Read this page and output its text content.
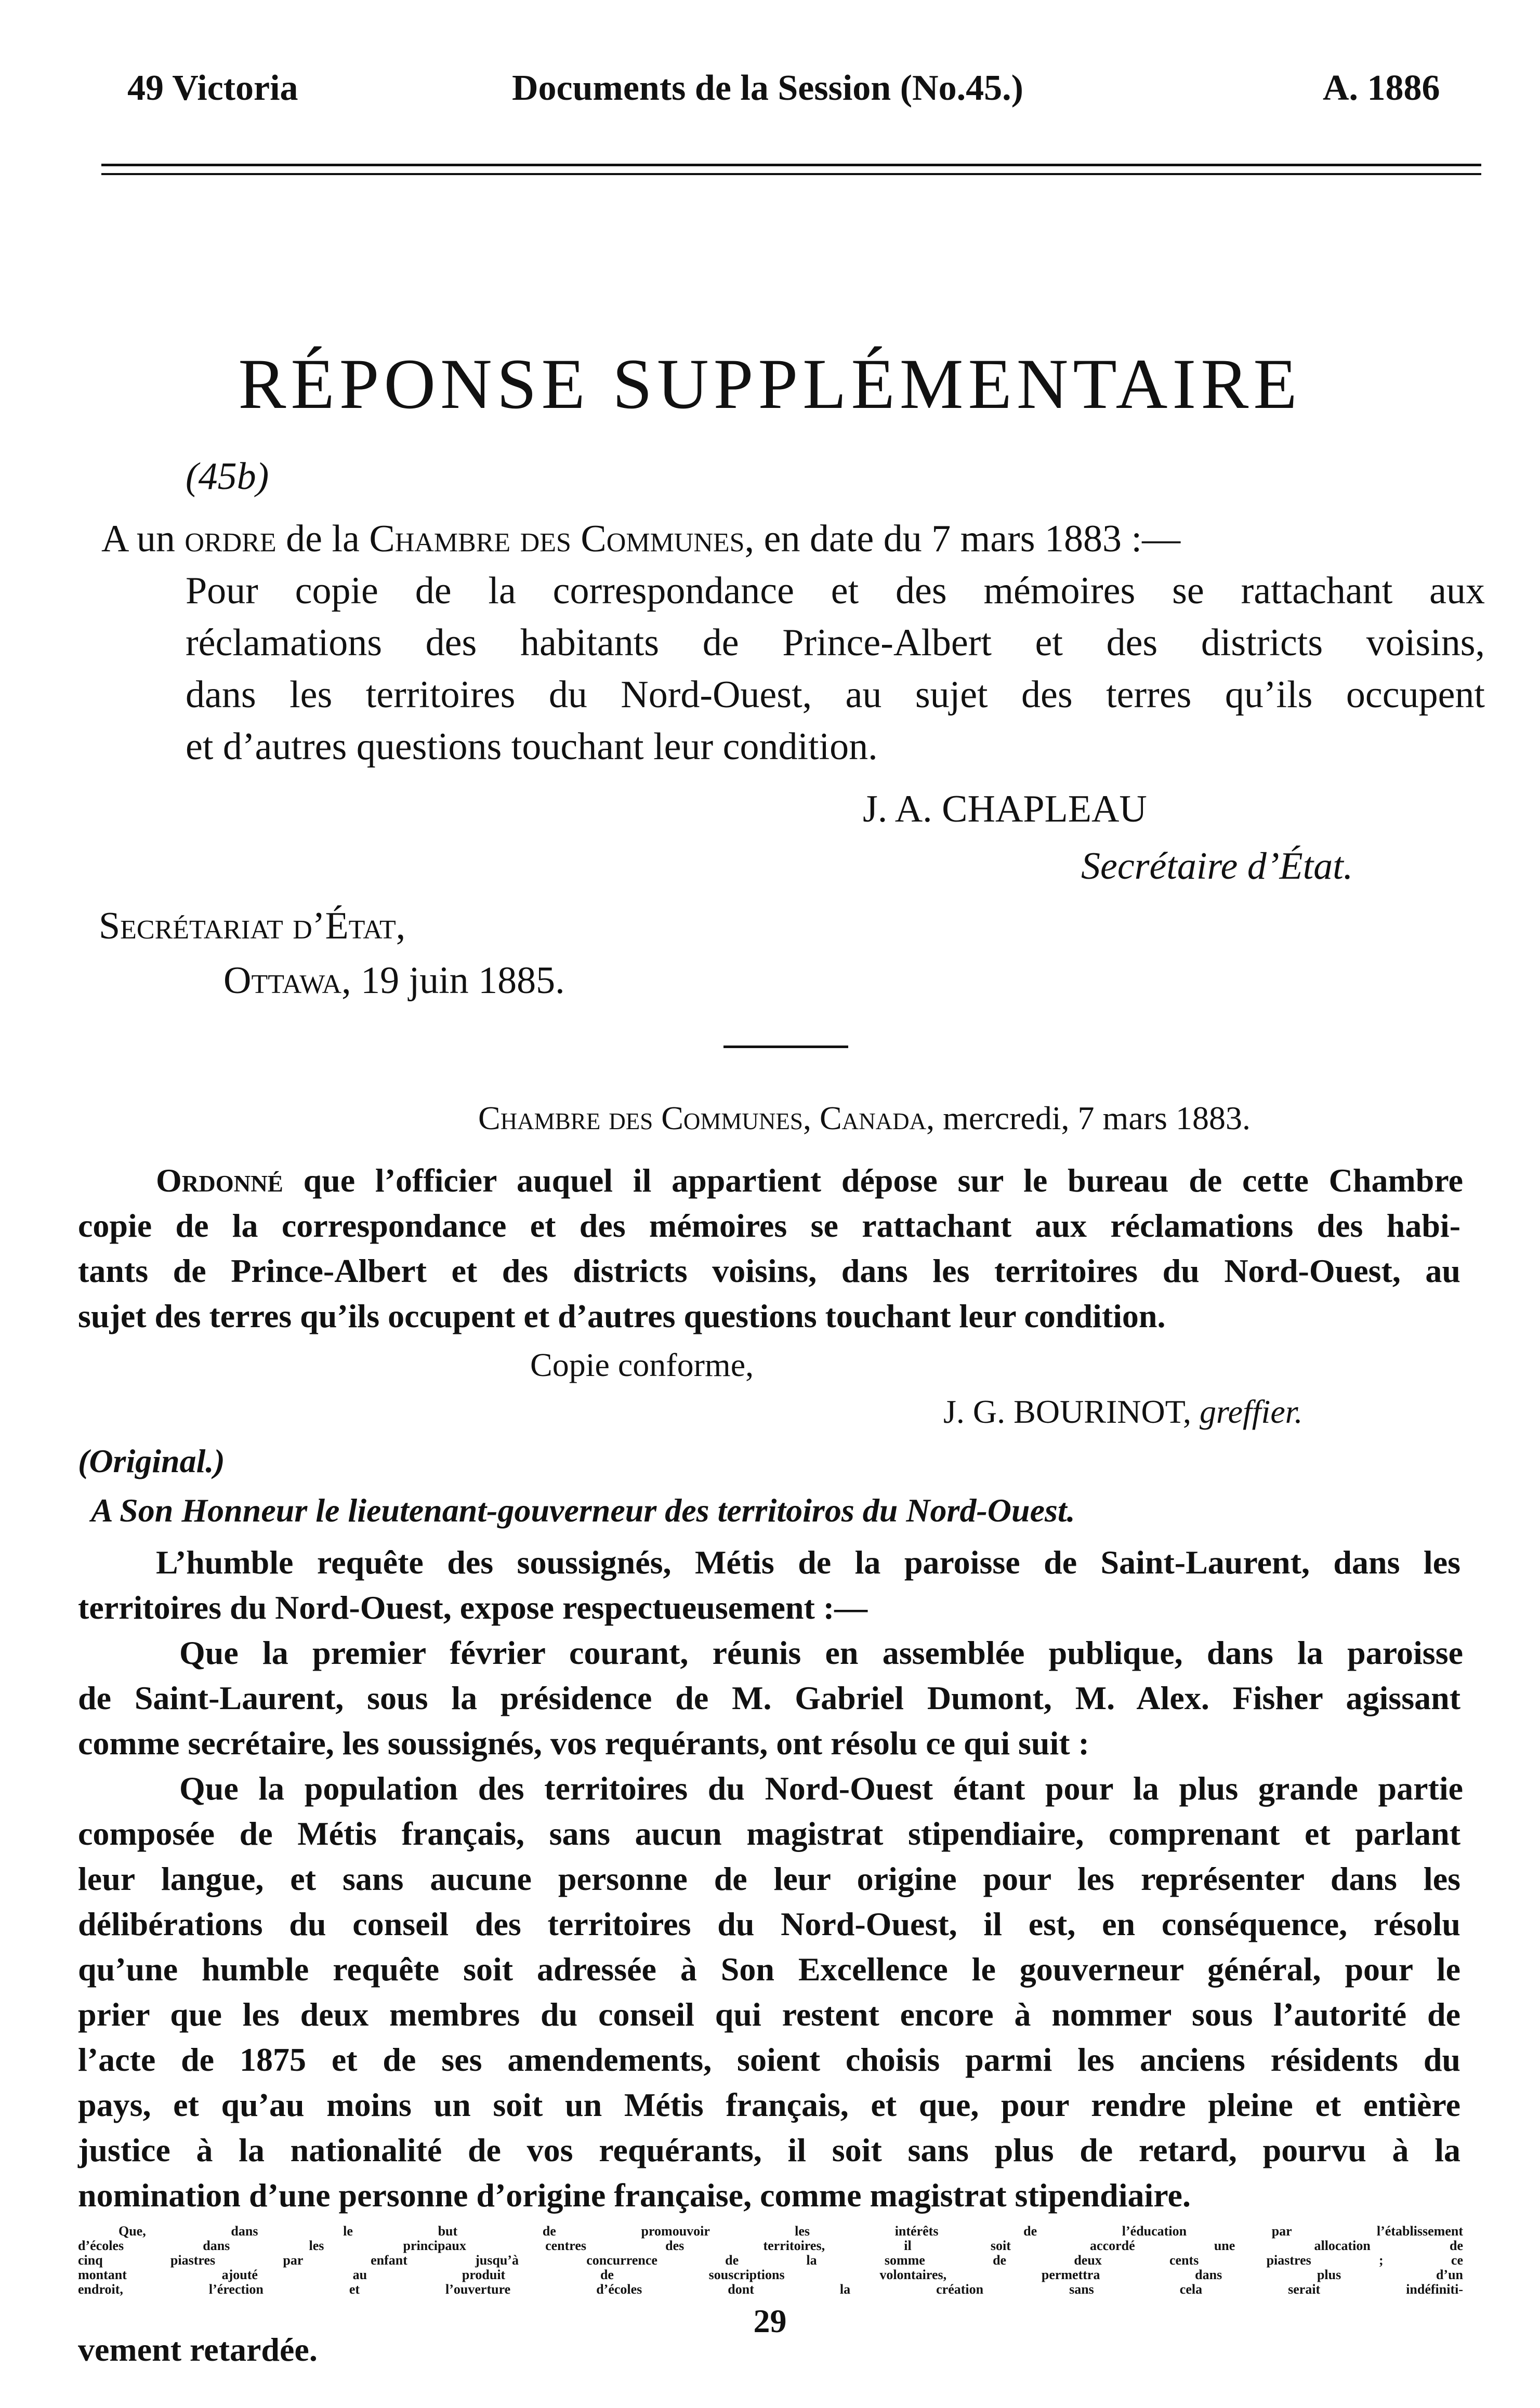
49 Victoria	Documents de la Session (No.45.)	A. 1886
RÉPONSE SUPPLÉMENTAIRE
(45b)
A un ordre de la Chambre des Communes, en date du 7 mars 1883 :—
Pour copie de la correspondance et des mémoires se rattachant aux
réclamations des habitants de Prince-Albert et des districts voisins,
dans les territoires du Nord-Ouest, au sujet des terres qu’ils occupent
et d’autres questions touchant leur condition.
J. A. CHAPLEAU
Secrétaire d’État.
Secrétariat d’État,
Ottawa, 19 juin 1885.
Chambre des Communes, Canada, mercredi, 7 mars 1883.
Ordonné que l’officier auquel il appartient dépose sur le bureau de cette Chambre
copie de la correspondance et des mémoires se rattachant aux réclamations des habi-
tants de Prince-Albert et des districts voisins, dans les territoires du Nord-Ouest, au
sujet des terres qu’ils occupent et d’autres questions touchant leur condition.
Copie conforme,
J. G. BOURINOT, greffier.
(Original.)
A Son Honneur le lieutenant-gouverneur des territoiros du Nord-Ouest.
L’humble requête des soussignés, Métis de la paroisse de Saint-Laurent, dans les
territoires du Nord-Ouest, expose respectueusement :—
Que la premier février courant, réunis en assemblée publique, dans la paroisse
de Saint-Laurent, sous la présidence de M. Gabriel Dumont, M. Alex. Fisher agissant
comme secrétaire, les soussignés, vos requérants, ont résolu ce qui suit :
Que la population des territoires du Nord-Ouest étant pour la plus grande partie
composée de Métis français, sans aucun magistrat stipendiaire, comprenant et parlant
leur langue, et sans aucune personne de leur origine pour les représenter dans les
délibérations du conseil des territoires du Nord-Ouest, il est, en conséquence, résolu
qu’une humble requête soit adressée à Son Excellence le gouverneur général, pour le
prier que les deux membres du conseil qui restent encore à nommer sous l’autorité de
l’acte de 1875 et de ses amendements, soient choisis parmi les anciens résidents du
pays, et qu’au moins un soit un Métis français, et que, pour rendre pleine et entière
justice à la nationalité de vos requérants, il soit sans plus de retard, pourvu à la
nomination d’une personne d’origine française, comme magistrat stipendiaire.
29
Que, dans le but de promouvoir les intérêts de l’éducation par l’établissement
d’écoles dans les principaux centres des territoires, il soit accordé une allocation de
cinq piastres par enfant jusqu’à concurrence de la somme de deux cents piastres ; ce
montant ajouté au produit de souscriptions volontaires, permettra dans plus d’un
endroit, l’érection et l’ouverture d’écoles dont la création sans cela serait indéfiniti-
vement retardée.
